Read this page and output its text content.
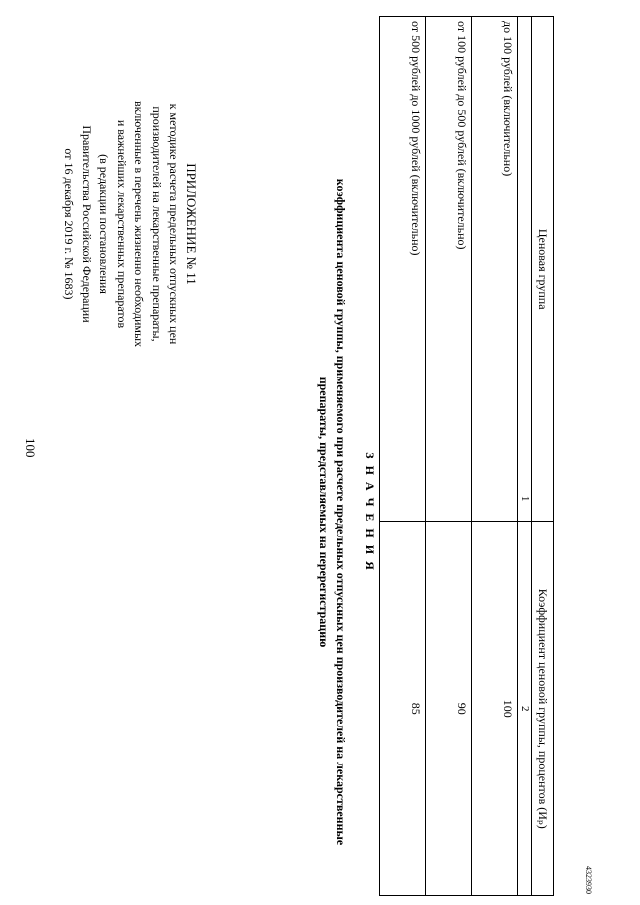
100
ПРИЛОЖЕНИЕ № 11
к методике расчета предельных отпускных цен
производителей на лекарственные препараты,
включенные в перечень жизненно необходимых
и важнейших лекарственных препаратов
(в редакции постановления
Правительства Российской Федерации
от 16 декабря 2019 г. № 1683)
З Н А Ч Е Н И Я
коэффициента ценовой группы, применяемого при расчете предельных отпускных цен производителей на лекарственные препараты, представляемых на перерегистрацию
Ценовая группа	Коэффициент ценовой группы, процентов (Иₚ)
1	2
до 100 рублей (включительно)	100
от 100 рублей до 500 рублей (включительно)	90
от 500 рублей до 1000 рублей (включительно)	85
4323930
